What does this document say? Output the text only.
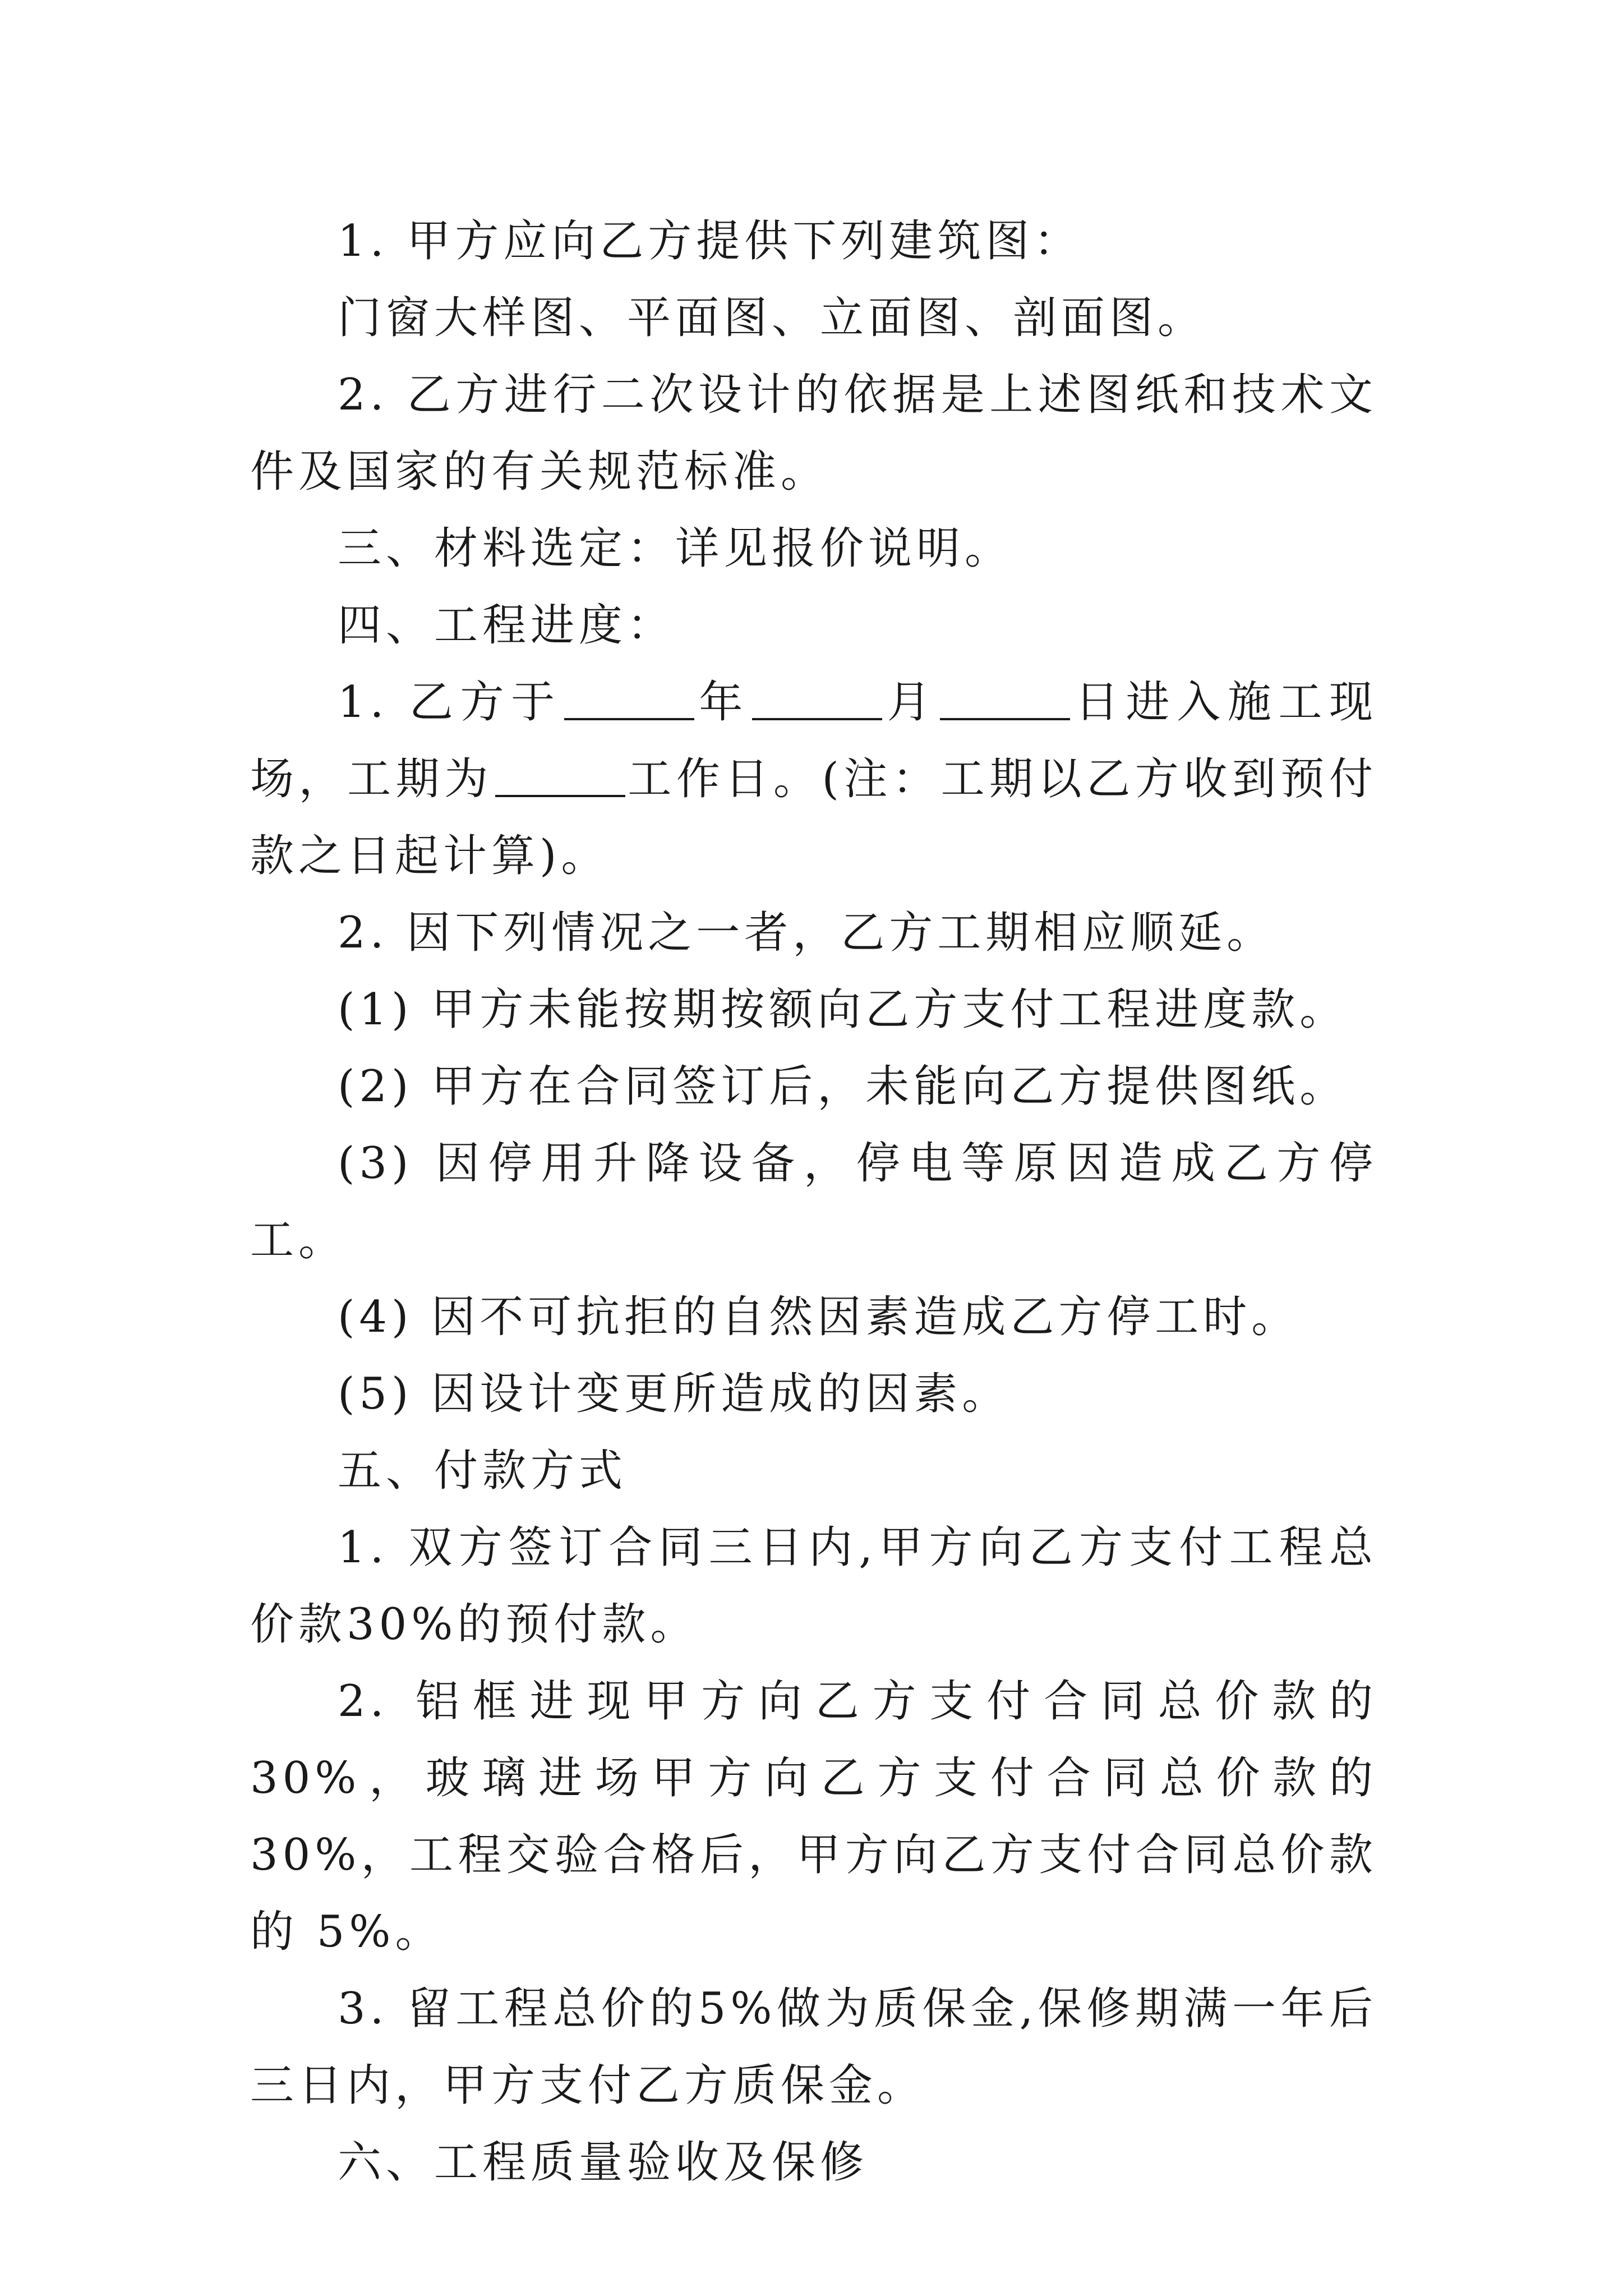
1. 甲方应向乙方提供下列建筑图：

门窗大样图、平面图、立面图、剖面图。

2. 乙方进行二次设计的依据是上述图纸和技术文件及国家的有关规范标准。

三、材料选定：详见报价说明。

四、工程进度：

1. 乙方于	年	月	日进入施工现场，工期为	工作日。(注：工期以乙方收到预付款之日起计算)。

2. 因下列情况之一者，乙方工期相应顺延。

(1) 甲方未能按期按额向乙方支付工程进度款。

(2) 甲方在合同签订后，未能向乙方提供图纸。

(3) 因停用升降设备，停电等原因造成乙方停工。

(4) 因不可抗拒的自然因素造成乙方停工时。

(5) 因设计变更所造成的因素。

五、付款方式

1. 双方签订合同三日内,甲方向乙方支付工程总价款30%的预付款。

2. 铝框进现甲方向乙方支付合同总价款的 30%，玻璃进场甲方向乙方支付合同总价款的 30%，工程交验合格后，甲方向乙方支付合同总价款的 5%。

3. 留工程总价的5%做为质保金,保修期满一年后三日内，甲方支付乙方质保金。

六、工程质量验收及保修
